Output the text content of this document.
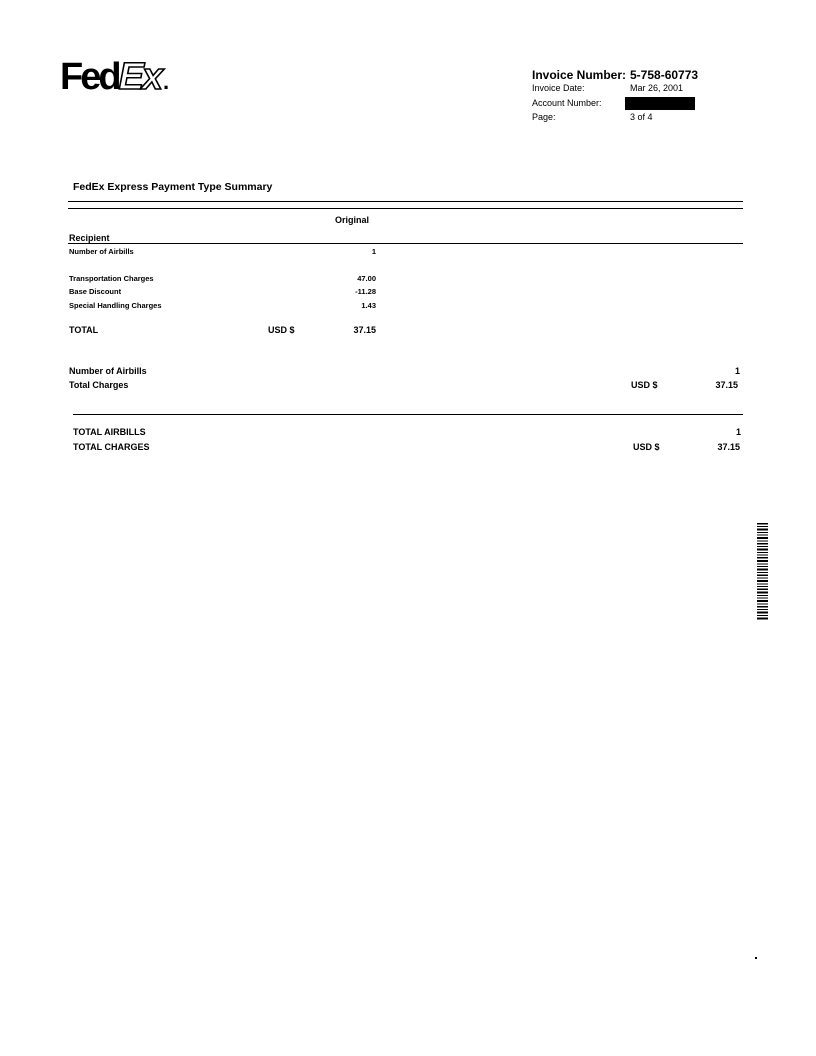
FedEx.	Invoice Number: 5-758-60773
Invoice Date:	Mar 26, 2001
Account Number:
Page:	3 of 4
FedEx Express Payment Type Summary
Original
Recipient
Number of Airbills	1
Transportation Charges	47.00
Base Discount	-11.28
Special Handling Charges	1.43
TOTAL	USD $	37.15
Number of Airbills	1
Total Charges	USD $	37.15
TOTAL AIRBILLS	1
TOTAL CHARGES	USD $	37.15
